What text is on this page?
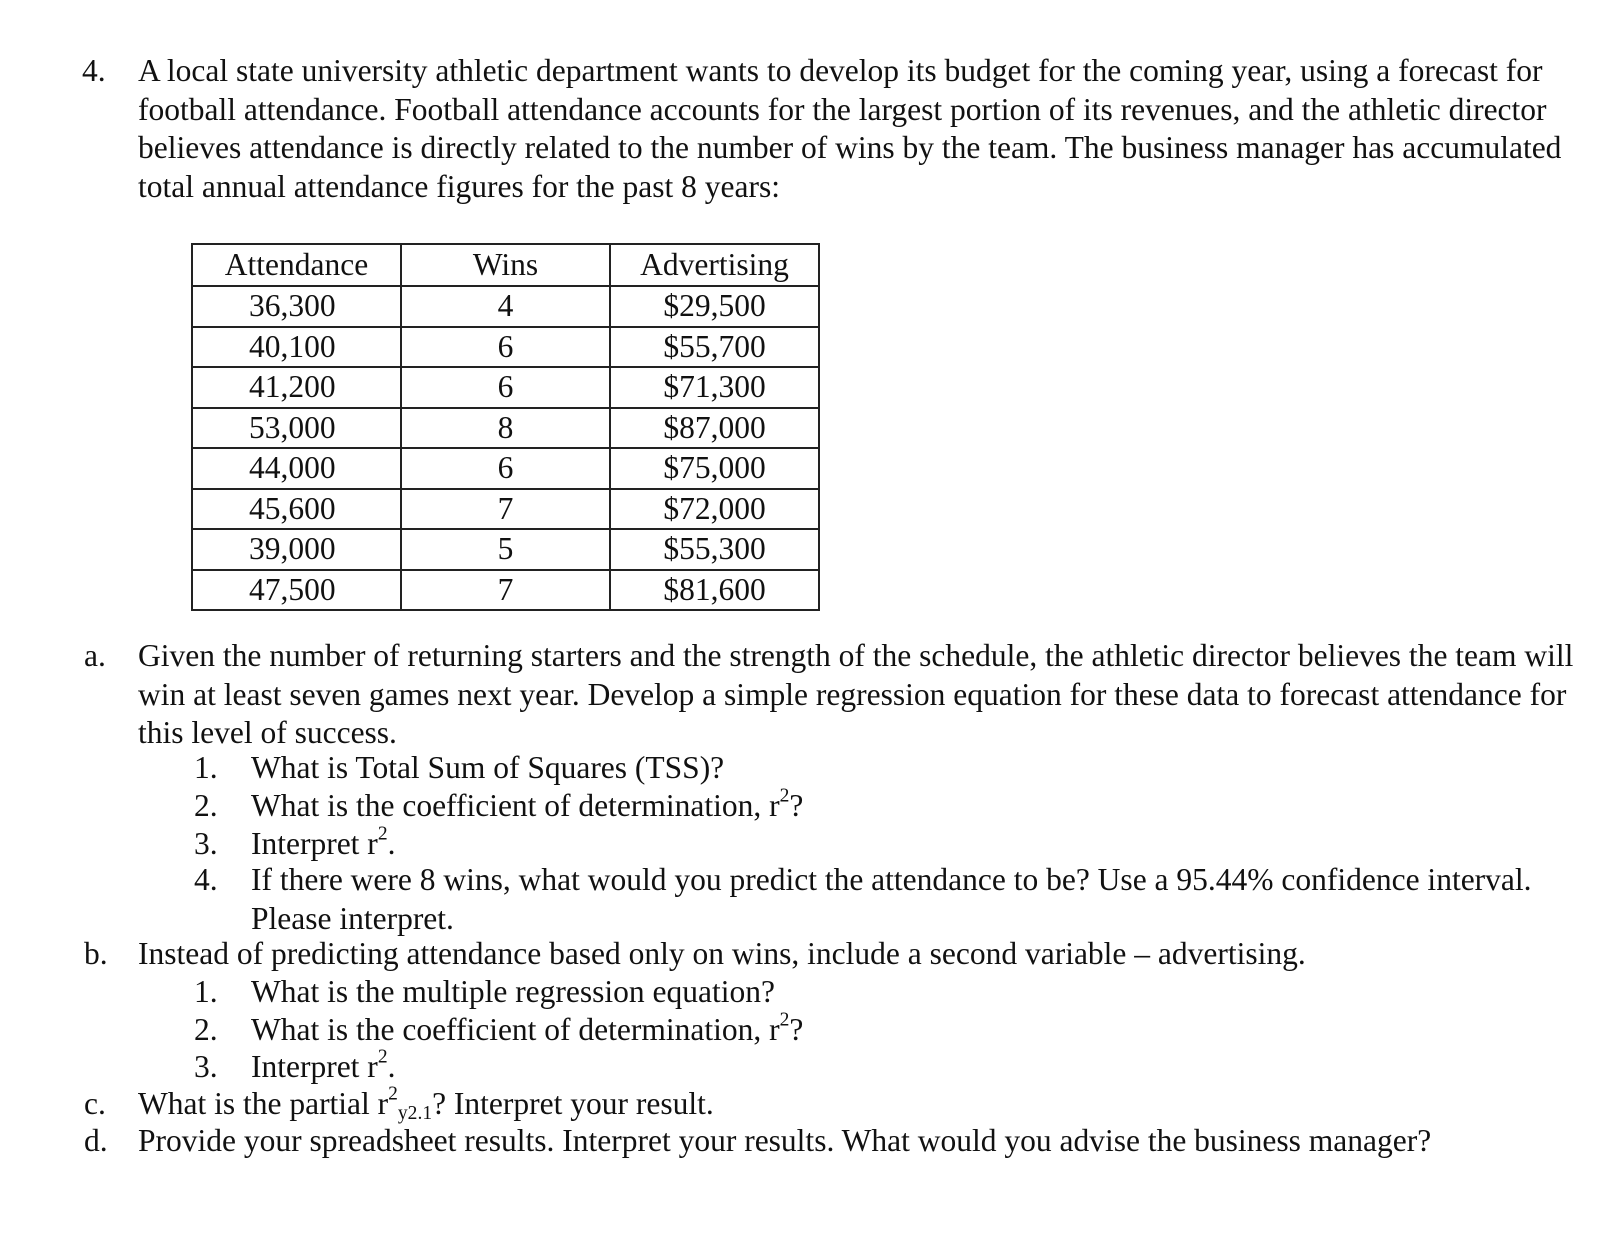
4. A local state university athletic department wants to develop its budget for the coming year, using a forecast for football attendance. Football attendance accounts for the largest portion of its revenues, and the athletic director believes attendance is directly related to the number of wins by the team. The business manager has accumulated total annual attendance figures for the past 8 years:
Attendance	Wins	Advertising
36,300	4	$29,500
40,100	6	$55,700
41,200	6	$71,300
53,000	8	$87,000
44,000	6	$75,000
45,600	7	$72,000
39,000	5	$55,300
47,500	7	$81,600
a.	Given the number of returning starters and the strength of the schedule, the athletic director believes the team will win at least seven games next year. Develop a simple regression equation for these data to forecast attendance for this level of success.
1. What is Total Sum of Squares (TSS)?
2. What is the coefficient of determination, $r^2$?
3. Interpret $r^2$.
4. If there were 8 wins, what would you predict the attendance to be? Use a 95.44% confidence interval. Please interpret.
b. Instead of predicting attendance based only on wins, include a second variable – advertising.
1. What is the multiple regression equation?
2. What is the coefficient of determination, $r^2$?
3. Interpret $r^2$.
c.	What is the partial $r^2_{y2.1}$? Interpret your result.
d. Provide your spreadsheet results. Interpret your results. What would you advise the business manager?
